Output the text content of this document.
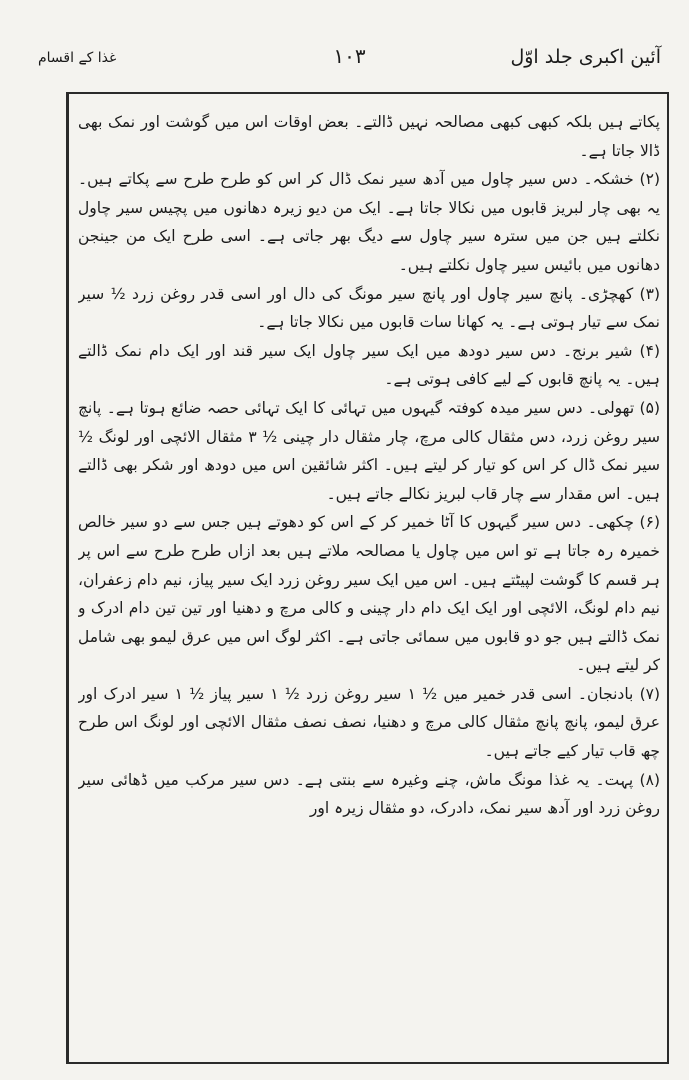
آئین اکبری جلد اوّل
۱۰۳
غذا کے اقسام

پکاتے ہیں بلکہ کبھی کبھی مصالحہ نہیں ڈالتے۔ بعض اوقات اس میں گوشت اور نمک بھی ڈالا جاتا ہے۔

(۲) خشکہ۔ دس سیر چاول میں آدھ سیر نمک ڈال کر اس کو طرح طرح سے پکاتے ہیں۔ یہ بھی چار لبریز قابوں میں نکالا جاتا ہے۔ ایک من دیو زیرہ دھانوں میں پچیس سیر چاول نکلتے ہیں جن میں سترہ سیر چاول سے دیگ بھر جاتی ہے۔ اسی طرح ایک من جینجن دھانوں میں بائیس سیر چاول نکلتے ہیں۔

(۳) کھچڑی۔ پانچ سیر چاول اور پانچ سیر مونگ کی دال اور اسی قدر روغن زرد ½ سیر نمک سے تیار ہوتی ہے۔ یہ کھانا سات قابوں میں نکالا جاتا ہے۔

(۴) شیر برنج۔ دس سیر دودھ میں ایک سیر چاول ایک سیر قند اور ایک دام نمک ڈالتے ہیں۔ یہ پانچ قابوں کے لیے کافی ہوتی ہے۔

(۵) تھولی۔ دس سیر میدہ کوفتہ گیہوں میں تہائی کا ایک تہائی حصہ ضائع ہوتا ہے۔ پانچ سیر روغن زرد، دس مثقال کالی مرچ، چار مثقال دار چینی ½ ۳ مثقال الائچی اور لونگ ½ سیر نمک ڈال کر اس کو تیار کر لیتے ہیں۔ اکثر شائقین اس میں دودھ اور شکر بھی ڈالتے ہیں۔ اس مقدار سے چار قاب لبریز نکالے جاتے ہیں۔

(۶) چکھی۔ دس سیر گیہوں کا آٹا خمیر کر کے اس کو دھوتے ہیں جس سے دو سیر خالص خمیرہ رہ جاتا ہے تو اس میں چاول یا مصالحہ ملاتے ہیں بعد ازاں طرح طرح سے اس پر ہر قسم کا گوشت لپیٹتے ہیں۔ اس میں ایک سیر روغن زرد ایک سیر پیاز، نیم دام زعفران، نیم دام لونگ، الائچی اور ایک ایک دام دار چینی و کالی مرچ و دھنیا اور تین تین دام ادرک و نمک ڈالتے ہیں جو دو قابوں میں سمائی جاتی ہے۔ اکثر لوگ اس میں عرق لیمو بھی شامل کر لیتے ہیں۔

(۷) بادنجان۔ اسی قدر خمیر میں ½ ۱ سیر روغن زرد ½ ۱ سیر پیاز ½ ۱ سیر ادرک اور عرق لیمو، پانچ پانچ مثقال کالی مرچ و دھنیا، نصف نصف مثقال الائچی اور لونگ اس طرح چھ قاب تیار کیے جاتے ہیں۔

(۸) پہت۔ یہ غذا مونگ ماش، چنے وغیرہ سے بنتی ہے۔ دس سیر مرکب میں ڈھائی سیر روغن زرد اور آدھ سیر نمک، دادرک، دو مثقال زیرہ اور
